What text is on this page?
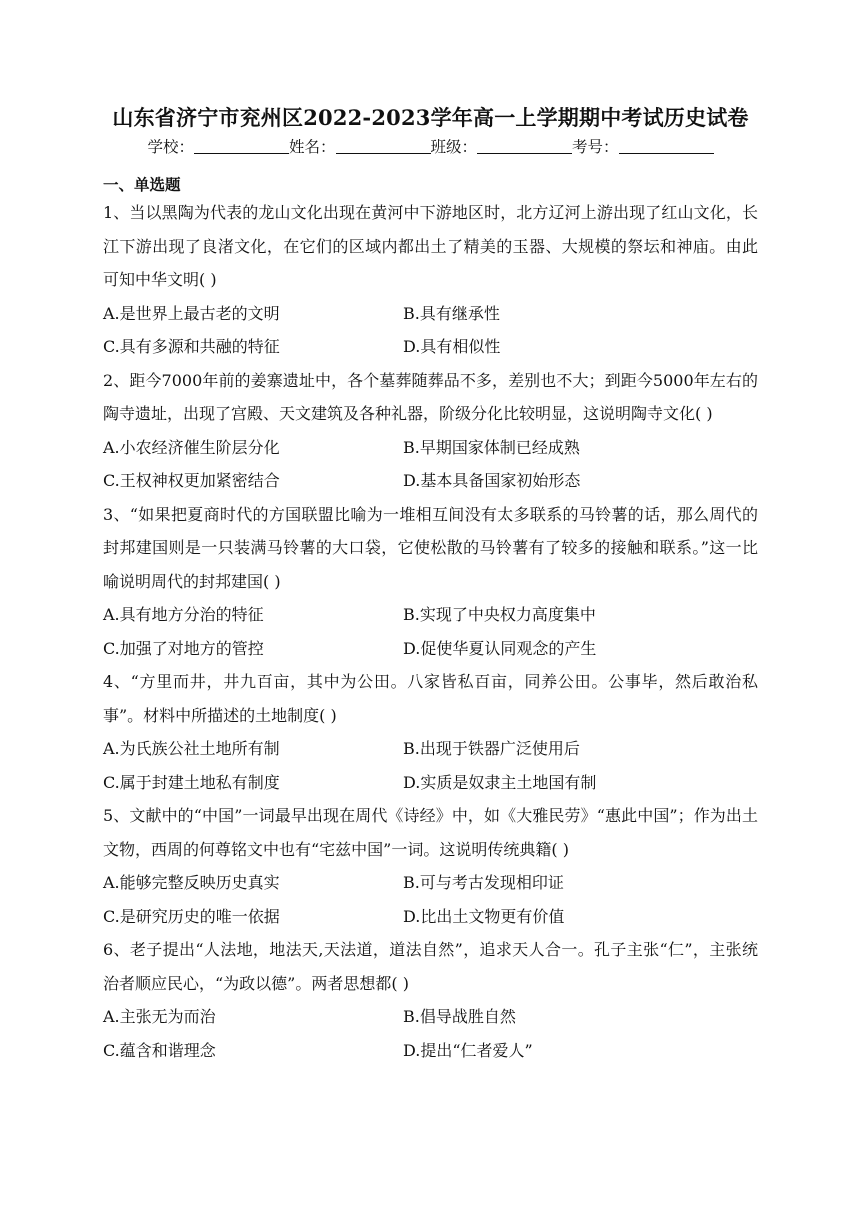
山东省济宁市兖州区2022-2023学年高一上学期期中考试历史试卷
学校：	姓名：	班级：	考号：
一、单选题

1、当以黑陶为代表的龙山文化出现在黄河中下游地区时，北方辽河上游出现了红山文化，长江下游出现了良渚文化，在它们的区域内都出土了精美的玉器、大规模的祭坛和神庙。由此可知中华文明( )

A.是世界上最古老的文明	B.具有继承性
C.具有多源和共融的特征	D.具有相似性

2、距今7000年前的姜寨遗址中，各个墓葬随葬品不多，差别也不大；到距今5000年左右的陶寺遗址，出现了宫殿、天文建筑及各种礼器，阶级分化比较明显，这说明陶寺文化( )

A.小农经济催生阶层分化	B.早期国家体制已经成熟
C.王权神权更加紧密结合	D.基本具备国家初始形态

3、“如果把夏商时代的方国联盟比喻为一堆相互间没有太多联系的马铃薯的话，那么周代的封邦建国则是一只装满马铃薯的大口袋，它使松散的马铃薯有了较多的接触和联系。”这一比喻说明周代的封邦建国( )

A.具有地方分治的特征	B.实现了中央权力高度集中
C.加强了对地方的管控	D.促使华夏认同观念的产生

4、“方里而井，井九百亩，其中为公田。八家皆私百亩，同养公田。公事毕，然后敢治私事”。材料中所描述的土地制度( )

A.为氏族公社土地所有制	B.出现于铁器广泛使用后
C.属于封建土地私有制度	D.实质是奴隶主土地国有制

5、文献中的“中国”一词最早出现在周代《诗经》中，如《大雅民劳》“惠此中国”；作为出土文物，西周的何尊铭文中也有“宅兹中国”一词。这说明传统典籍( )

A.能够完整反映历史真实	B.可与考古发现相印证
C.是研究历史的唯一依据	D.比出土文物更有价值

6、老子提出“人法地，地法天,天法道，道法自然”，追求天人合一。孔子主张“仁”，主张统治者顺应民心，“为政以德”。两者思想都( )

A.主张无为而治	B.倡导战胜自然
C.蕴含和谐理念	D.提出“仁者爱人”
